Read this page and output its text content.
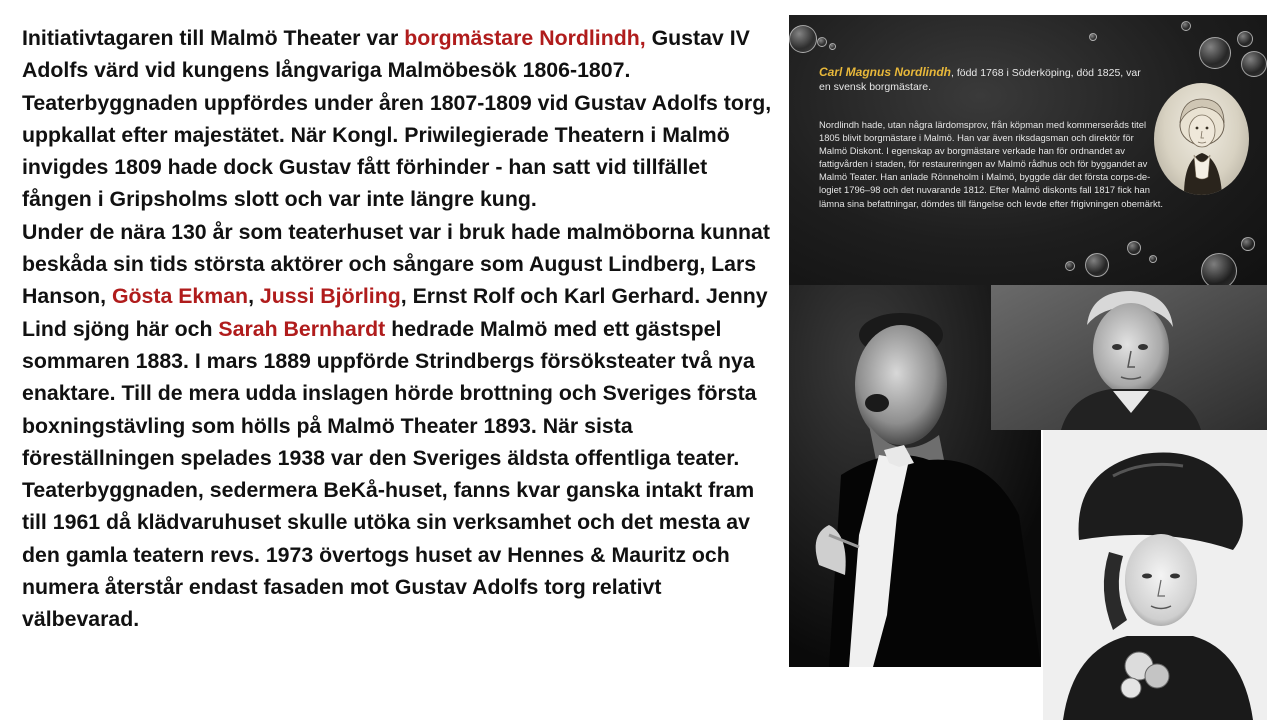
Initiativtagaren till Malmö Theater var borgmästare Nordlindh, Gustav IV Adolfs värd vid kungens långvariga Malmöbesök 1806-1807. Teaterbyggnaden uppfördes under åren 1807-1809 vid Gustav Adolfs torg, uppkallat efter majestätet. När Kongl. Priwilegierade Theatern i Malmö invigdes 1809 hade dock Gustav fått förhinder - han satt vid tillfället fången i Gripsholms slott och var inte längre kung.

Under de nära 130 år som teaterhuset var i bruk hade malmöborna kunnat beskåda sin tids största aktörer och sångare som August Lindberg, Lars Hanson, Gösta Ekman, Jussi Björling, Ernst Rolf och Karl Gerhard. Jenny Lind sjöng här och Sarah Bernhardt hedrade Malmö med ett gästspel sommaren 1883. I mars 1889 uppförde Strindbergs försöksteater två nya enaktare. Till de mera udda inslagen hörde brottning och Sveriges första boxningstävling som hölls på Malmö Theater 1893. När sista föreställningen spelades 1938 var den Sveriges äldsta offentliga teater.

Teaterbyggnaden, sedermera BeKå-huset, fanns kvar ganska intakt fram till 1961 då klädvaruhuset skulle utöka sin verksamhet och det mesta av den gamla teatern revs. 1973 övertogs huset av Hennes & Mauritz och numera återstår endast fasaden mot Gustav Adolfs torg relativt välbevarad.

Carl Magnus Nordlindh, född 1768 i Söderköping, död 1825, var en svensk borgmästare.
Nordlindh hade, utan några lärdomsprov, från köpman med kommerseråds titel 1805 blivit borgmästare i Malmö. Han var även riksdagsman och direktör för Malmö Diskont. I egenskap av borgmästare verkade han för ordnandet av fattigvården i staden, för restaureringen av Malmö rådhus och för byggandet av Malmö Teater. Han anlade Rönneholm i Malmö, byggde där det första corps-de-logiet 1796–98 och det nuvarande 1812. Efter Malmö diskonts fall 1817 fick han lämna sina befattningar, dömdes till fängelse och levde efter frigivningen obemärkt.
